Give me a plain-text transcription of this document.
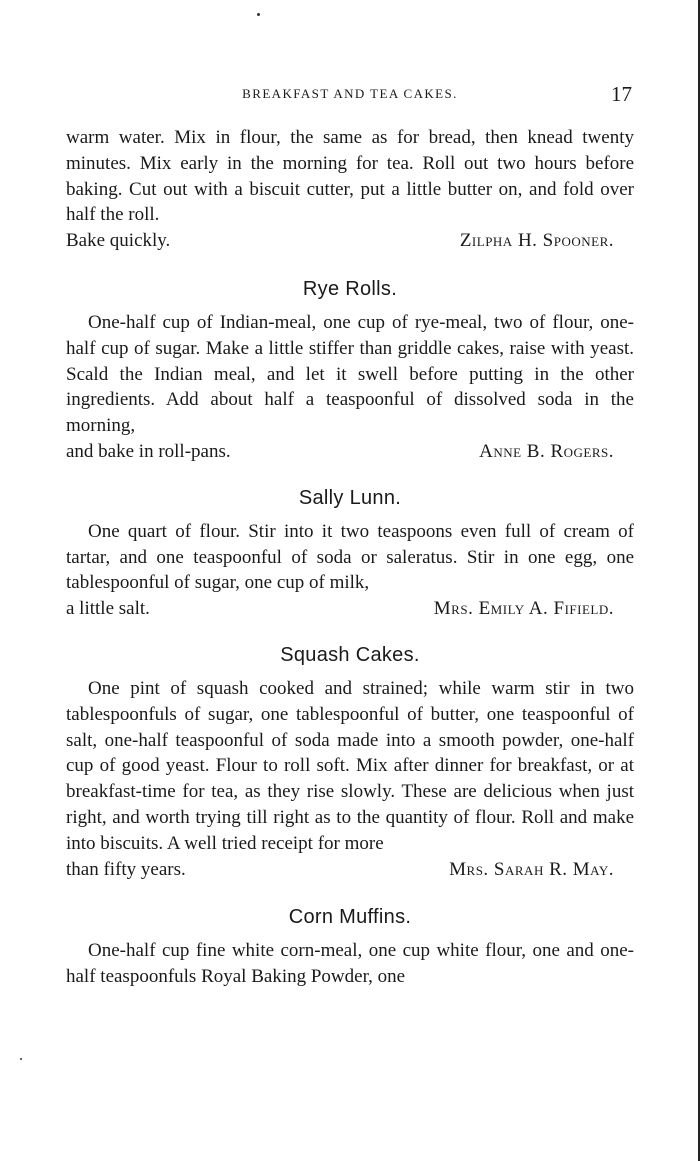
BREAKFAST AND TEA CAKES.	17

warm water. Mix in flour, the same as for bread, then knead twenty minutes. Mix early in the morning for tea. Roll out two hours before baking. Cut out with a biscuit cutter, put a little butter on, and fold over half the roll.

Bake quickly.	Zilpha H. Spooner.
Rye Rolls.

One-half cup of Indian-meal, one cup of rye-meal, two of flour, one-half cup of sugar. Make a little stiffer than griddle cakes, raise with yeast. Scald the Indian meal, and let it swell before putting in the other ingredients. Add about half a teaspoonful of dissolved soda in the morning,

and bake in roll-pans.	Anne B. Rogers.
Sally Lunn.

One quart of flour. Stir into it two teaspoons even full of cream of tartar, and one teaspoonful of soda or saleratus. Stir in one egg, one tablespoonful of sugar, one cup of milk,

a little salt.	Mrs. Emily A. Fifield.
Squash Cakes.

One pint of squash cooked and strained; while warm stir in two tablespoonfuls of sugar, one tablespoonful of butter, one teaspoonful of salt, one-half teaspoonful of soda made into a smooth powder, one-half cup of good yeast. Flour to roll soft. Mix after dinner for breakfast, or at breakfast-time for tea, as they rise slowly. These are delicious when just right, and worth trying till right as to the quantity of flour. Roll and make into biscuits. A well tried receipt for more

than fifty years.	Mrs. Sarah R. May.
Corn Muffins.

One-half cup fine white corn-meal, one cup white flour, one and one-half teaspoonfuls Royal Baking Powder, one
